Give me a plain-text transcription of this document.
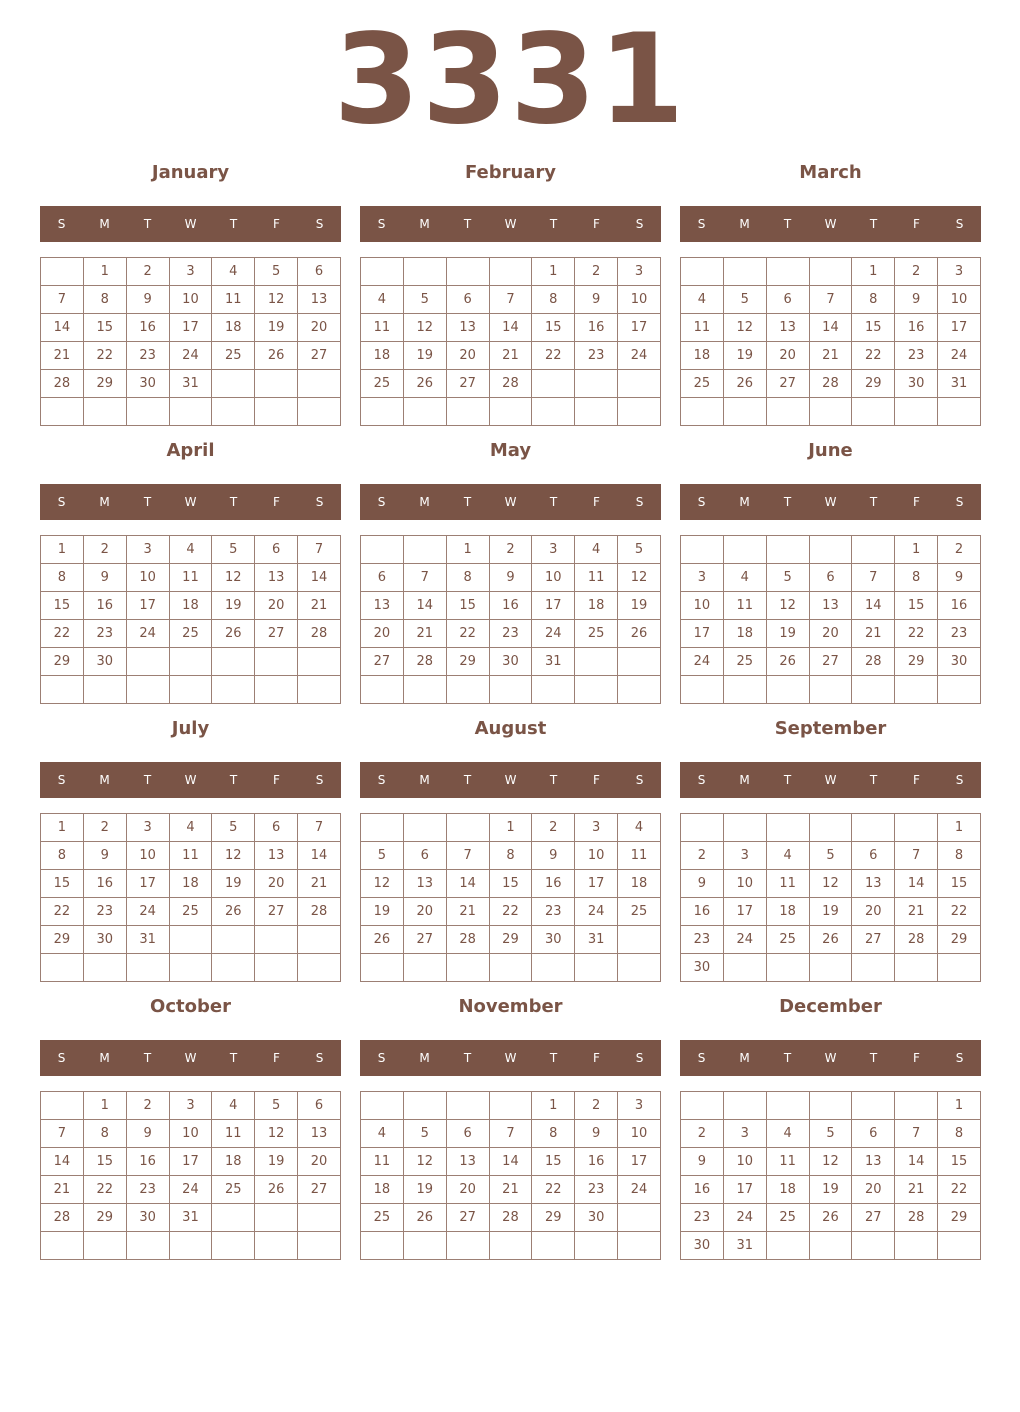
3331
January
S	M	T	W	T	F	S
	1	2	3	4	5	6
7	8	9	10	11	12	13
14	15	16	17	18	19	20
21	22	23	24	25	26	27
28	29	30	31			

February
S	M	T	W	T	F	S
				1	2	3
4	5	6	7	8	9	10
11	12	13	14	15	16	17
18	19	20	21	22	23	24
25	26	27	28			

March
S	M	T	W	T	F	S
				1	2	3
4	5	6	7	8	9	10
11	12	13	14	15	16	17
18	19	20	21	22	23	24
25	26	27	28	29	30	31

April
S	M	T	W	T	F	S
1	2	3	4	5	6	7
8	9	10	11	12	13	14
15	16	17	18	19	20	21
22	23	24	25	26	27	28
29	30					

May
S	M	T	W	T	F	S
		1	2	3	4	5
6	7	8	9	10	11	12
13	14	15	16	17	18	19
20	21	22	23	24	25	26
27	28	29	30	31		

June
S	M	T	W	T	F	S
					1	2
3	4	5	6	7	8	9
10	11	12	13	14	15	16
17	18	19	20	21	22	23
24	25	26	27	28	29	30

July
S	M	T	W	T	F	S
1	2	3	4	5	6	7
8	9	10	11	12	13	14
15	16	17	18	19	20	21
22	23	24	25	26	27	28
29	30	31				

August
S	M	T	W	T	F	S
			1	2	3	4
5	6	7	8	9	10	11
12	13	14	15	16	17	18
19	20	21	22	23	24	25
26	27	28	29	30	31	

September
S	M	T	W	T	F	S
						1
2	3	4	5	6	7	8
9	10	11	12	13	14	15
16	17	18	19	20	21	22
23	24	25	26	27	28	29
30						
October
S	M	T	W	T	F	S
	1	2	3	4	5	6
7	8	9	10	11	12	13
14	15	16	17	18	19	20
21	22	23	24	25	26	27
28	29	30	31			

November
S	M	T	W	T	F	S
				1	2	3
4	5	6	7	8	9	10
11	12	13	14	15	16	17
18	19	20	21	22	23	24
25	26	27	28	29	30	

December
S	M	T	W	T	F	S
						1
2	3	4	5	6	7	8
9	10	11	12	13	14	15
16	17	18	19	20	21	22
23	24	25	26	27	28	29
30	31					
